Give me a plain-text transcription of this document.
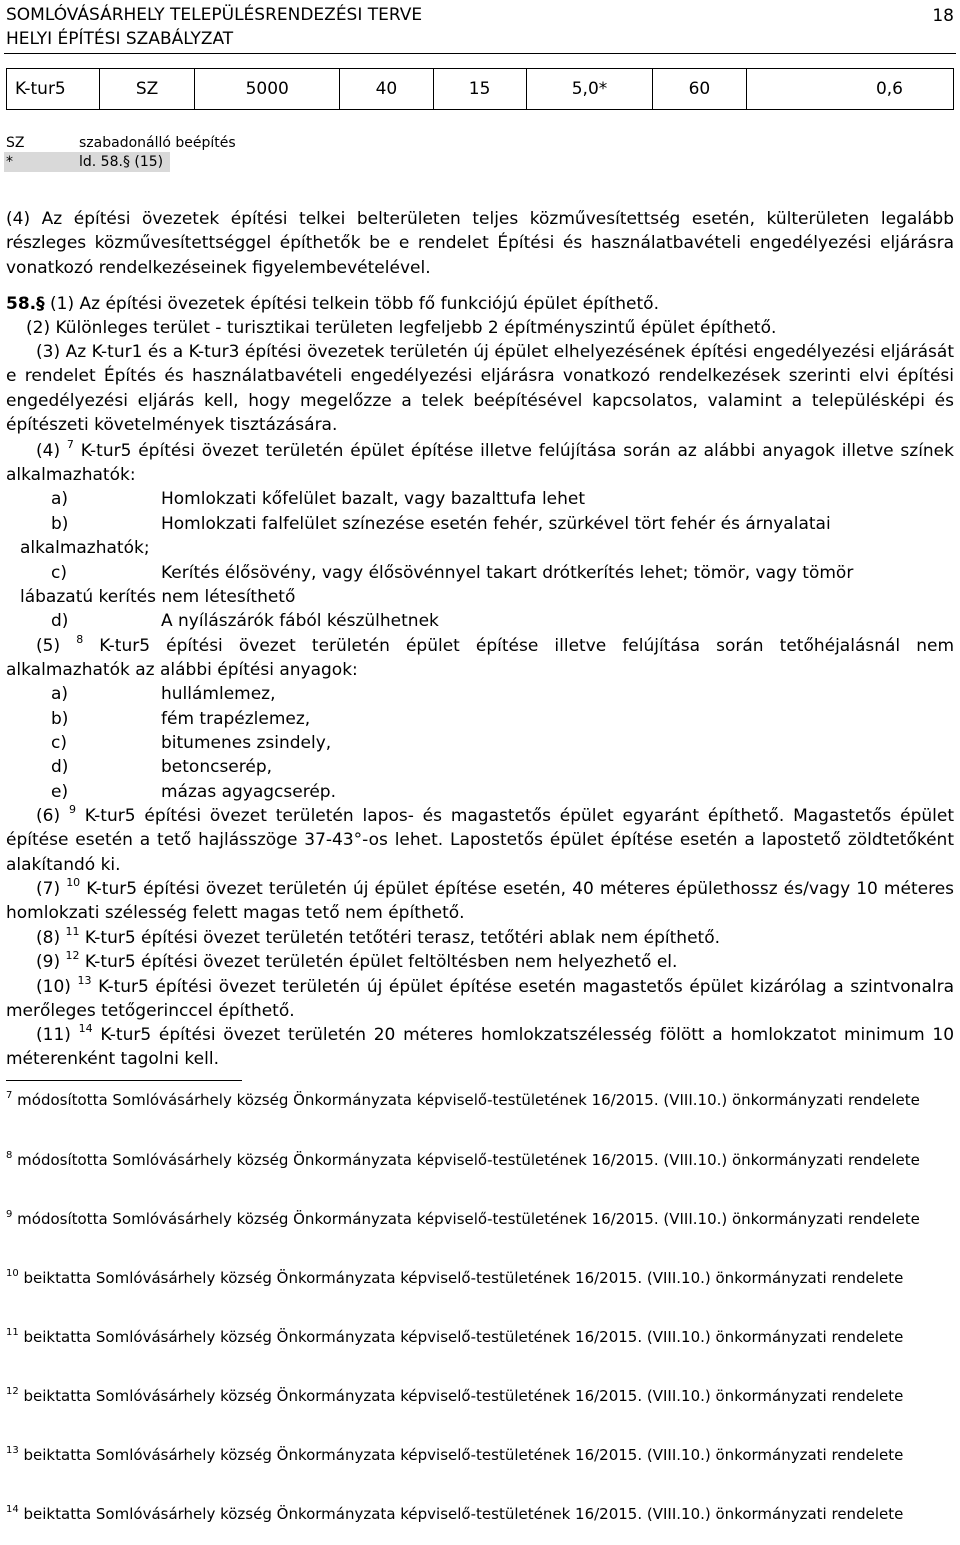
SOMLÓVÁSÁRHELY TELEPÜLÉSRENDEZÉSI TERVE
HELYI ÉPÍTÉSI SZABÁLYZAT
18
K-tur5	SZ	5000	40	15	5,0*	60	0,6
SZ	szabadonálló beépítés
*	ld. 58.§ (15)
(4) Az építési övezetek építési telkei belterületen teljes közművesítettség esetén, külterületen legalább részleges közművesítettséggel építhetők be e rendelet Építési és használatbavételi engedélyezési eljárásra vonatkozó rendelkezéseinek figyelembevételével.
58.§ (1) Az építési övezetek építési telkein több fő funkciójú épület építhető.
(2) Különleges terület - turisztikai területen legfeljebb 2 építményszintű épület építhető.
(3) Az K-tur1 és a K-tur3 építési övezetek területén új épület elhelyezésének építési engedélyezési eljárását e rendelet Építés és használatbavételi engedélyezési eljárásra vonatkozó rendelkezések szerinti elvi építési engedélyezési eljárás kell, hogy megelőzze a telek beépítésével kapcsolatos, valamint a településképi és építészeti követelmények tisztázására.
(4) $^7$ K-tur5 építési övezet területén épület építése illetve felújítása során az alábbi anyagok illetve színek alkalmazhatók:
a)	Homlokzati kőfelület bazalt, vagy bazalttufa lehet
b)	Homlokzati falfelület színezése esetén fehér, szürkével tört fehér és árnyalatai
alkalmazhatók;
c)	Kerítés élősövény, vagy élősövénnyel takart drótkerítés lehet; tömör, vagy tömör
lábazatú kerítés nem létesíthető
d)	A nyílászárók fából készülhetnek
(5) $^8$ K-tur5 építési övezet területén épület építése illetve felújítása során tetőhéjalásnál nem alkalmazhatók az alábbi építési anyagok:
a)	hullámlemez,
b)	fém trapézlemez,
c)	bitumenes zsindely,
d)	betoncserép,
e)	mázas agyagcserép.
(6) $^9$ K-tur5 építési övezet területén lapos- és magastetős épület egyaránt építhető. Magastetős épület építése esetén a tető hajlásszöge 37-43°-os lehet. Lapostetős épület építése esetén a lapostető zöldtetőként alakítandó ki.
(7) $^{10}$ K-tur5 építési övezet területén új épület építése esetén, 40 méteres épülethossz és/vagy 10 méteres homlokzati szélesség felett magas tető nem építhető.
(8) $^{11}$ K-tur5 építési övezet területén tetőtéri terasz, tetőtéri ablak nem építhető.
(9) $^{12}$ K-tur5 építési övezet területén épület feltöltésben nem helyezhető el.
(10) $^{13}$ K-tur5 építési övezet területén új épület építése esetén magastetős épület kizárólag a szintvonalra merőleges tetőgerinccel építhető.
(11) $^{14}$ K-tur5 építési övezet területén 20 méteres homlokzatszélesség fölött a homlokzatot minimum 10 méterenként tagolni kell.
$^7$ módosította Somlóvásárhely község Önkormányzata képviselő-testületének 16/2015. (VIII.10.) önkormányzati rendelete
$^8$ módosította Somlóvásárhely község Önkormányzata képviselő-testületének 16/2015. (VIII.10.) önkormányzati rendelete
$^9$ módosította Somlóvásárhely község Önkormányzata képviselő-testületének 16/2015. (VIII.10.) önkormányzati rendelete
$^{10}$ beiktatta Somlóvásárhely község Önkormányzata képviselő-testületének 16/2015. (VIII.10.) önkormányzati rendelete
$^{11}$ beiktatta Somlóvásárhely község Önkormányzata képviselő-testületének 16/2015. (VIII.10.) önkormányzati rendelete
$^{12}$ beiktatta Somlóvásárhely község Önkormányzata képviselő-testületének 16/2015. (VIII.10.) önkormányzati rendelete
$^{13}$ beiktatta Somlóvásárhely község Önkormányzata képviselő-testületének 16/2015. (VIII.10.) önkormányzati rendelete
$^{14}$ beiktatta Somlóvásárhely község Önkormányzata képviselő-testületének 16/2015. (VIII.10.) önkormányzati rendelete
